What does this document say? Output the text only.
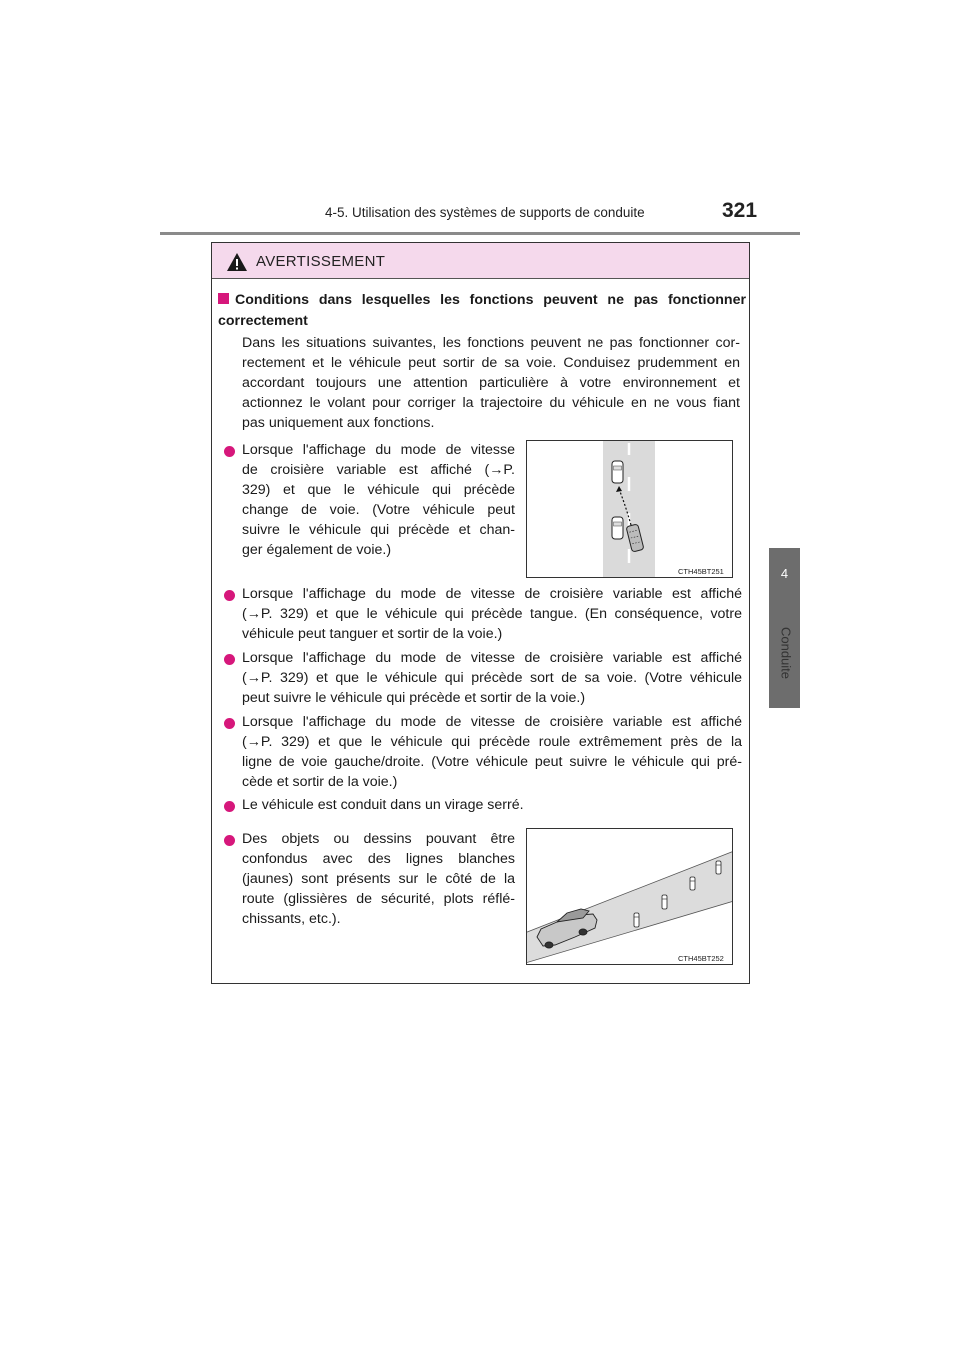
4-5. Utilisation des systèmes de supports de conduite	321
4
Conduite
AVERTISSEMENT
Conditions dans lesquelles les fonctions peuvent ne pas fonctionner correctement
Dans les situations suivantes, les fonctions peuvent ne pas fonctionner cor-
rectement et le véhicule peut sortir de sa voie. Conduisez prudemment en
accordant toujours une attention particulière à votre environnement et
actionnez le volant pour corriger la trajectoire du véhicule en ne vous fiant
pas uniquement aux fonctions.
Lorsque l'affichage du mode de vitesse
de croisière variable est affiché (→P.
329) et que le véhicule qui précède
change de voie. (Votre véhicule peut
suivre le véhicule qui précède et chan-
ger également de voie.)
CTH45BT251
Lorsque l'affichage du mode de vitesse de croisière variable est affiché
(→P. 329) et que le véhicule qui précède tangue. (En conséquence, votre
véhicule peut tanguer et sortir de la voie.)
Lorsque l'affichage du mode de vitesse de croisière variable est affiché
(→P. 329) et que le véhicule qui précède sort de sa voie. (Votre véhicule
peut suivre le véhicule qui précède et sortir de la voie.)
Lorsque l'affichage du mode de vitesse de croisière variable est affiché
(→P. 329) et que le véhicule qui précède roule extrêmement près de la
ligne de voie gauche/droite. (Votre véhicule peut suivre le véhicule qui pré-
cède et sortir de la voie.)
Le véhicule est conduit dans un virage serré.
Des objets ou dessins pouvant être
confondus avec des lignes blanches
(jaunes) sont présents sur le côté de la
route (glissières de sécurité, plots réflé-
chissants, etc.).
CTH45BT252
